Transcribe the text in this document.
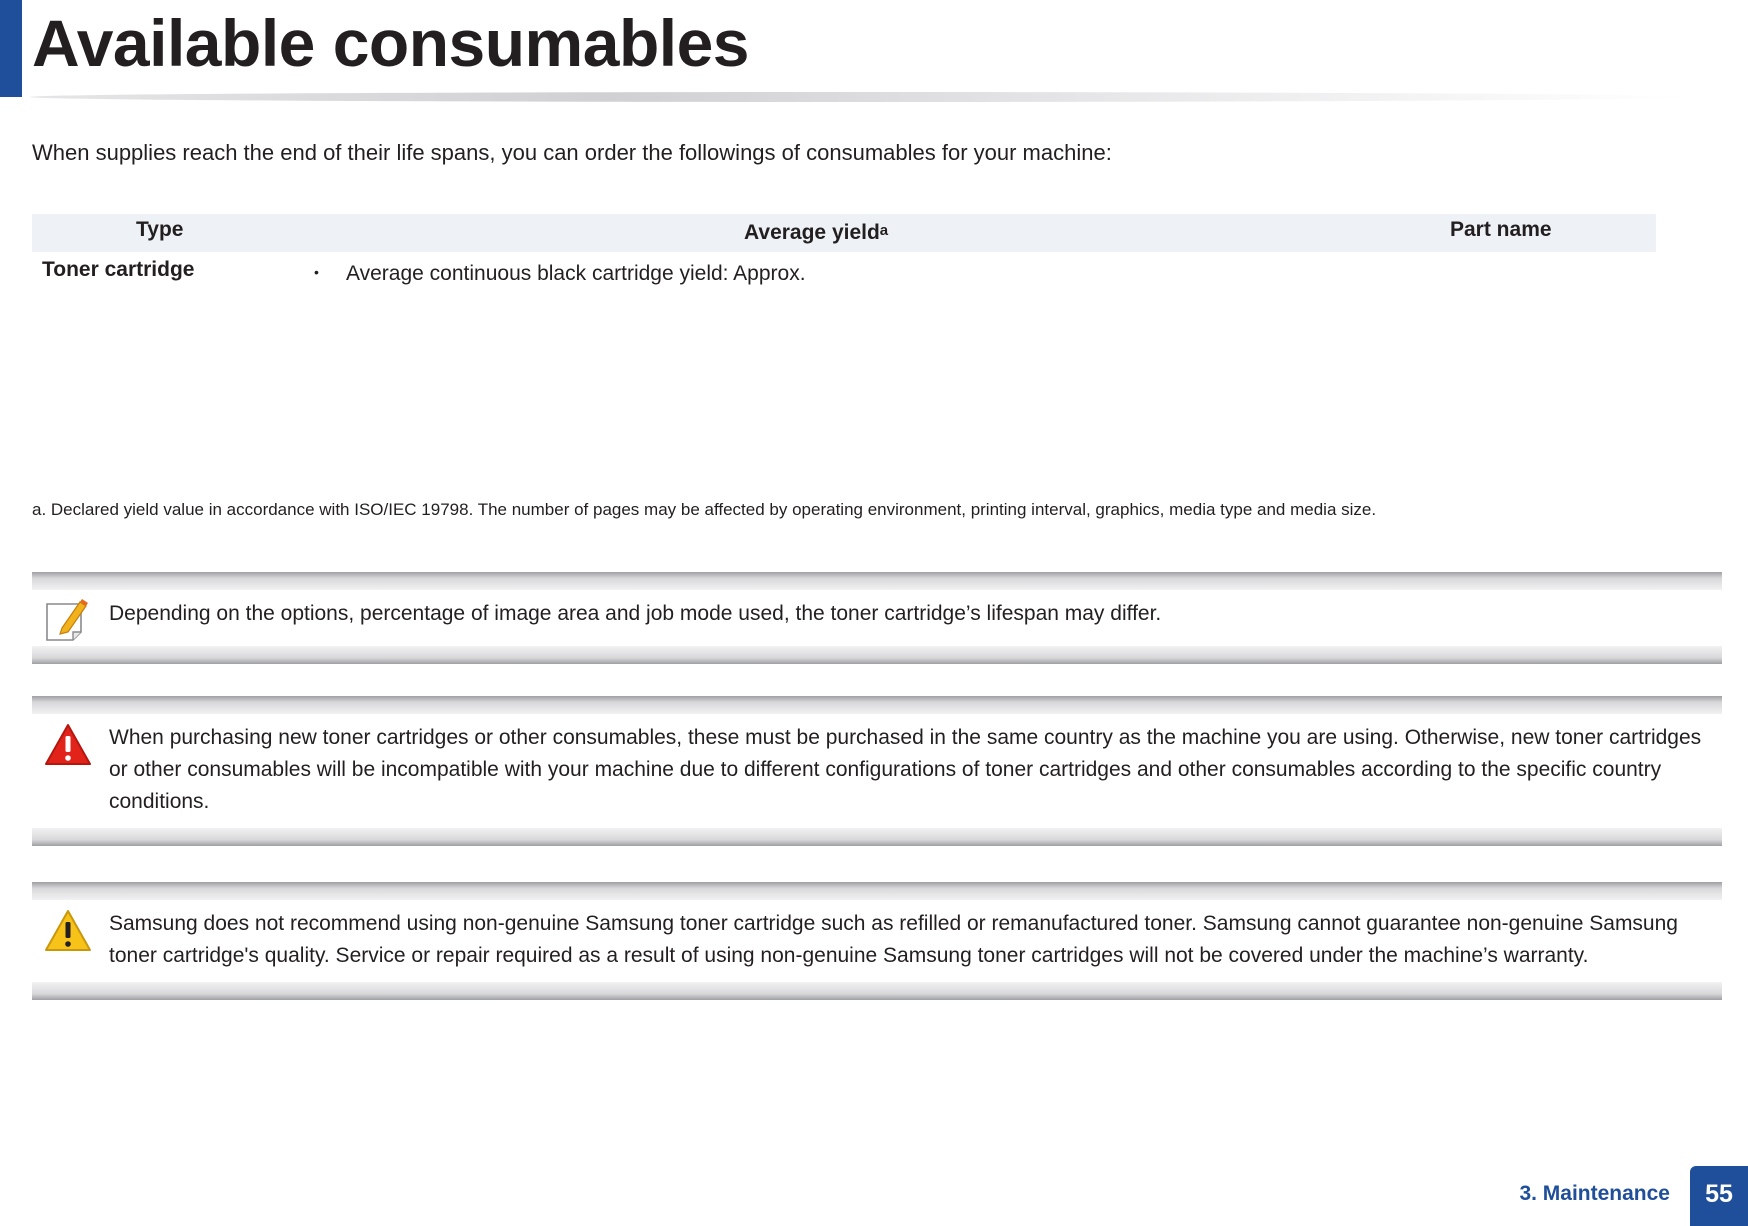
Available consumables

When supplies reach the end of their life spans, you can order the followings of consumables for your machine:

Type	Average yield$^a$	Part name
Toner cartridge	• Average continuous black cartridge yield: Approx.

a. Declared yield value in accordance with ISO/IEC 19798. The number of pages may be affected by operating environment, printing interval, graphics, media type and media size.

Depending on the options, percentage of image area and job mode used, the toner cartridge’s lifespan may differ.
When purchasing new toner cartridges or other consumables, these must be purchased in the same country as the machine you are using. Otherwise, new toner cartridges or other consumables will be incompatible with your machine due to different configurations of toner cartridges and other consumables according to the specific country conditions.
Samsung does not recommend using non-genuine Samsung toner cartridge such as refilled or remanufactured toner. Samsung cannot guarantee non-genuine Samsung toner cartridge's quality. Service or repair required as a result of using non-genuine Samsung toner cartridges will not be covered under the machine’s warranty.
3. Maintenance	55
